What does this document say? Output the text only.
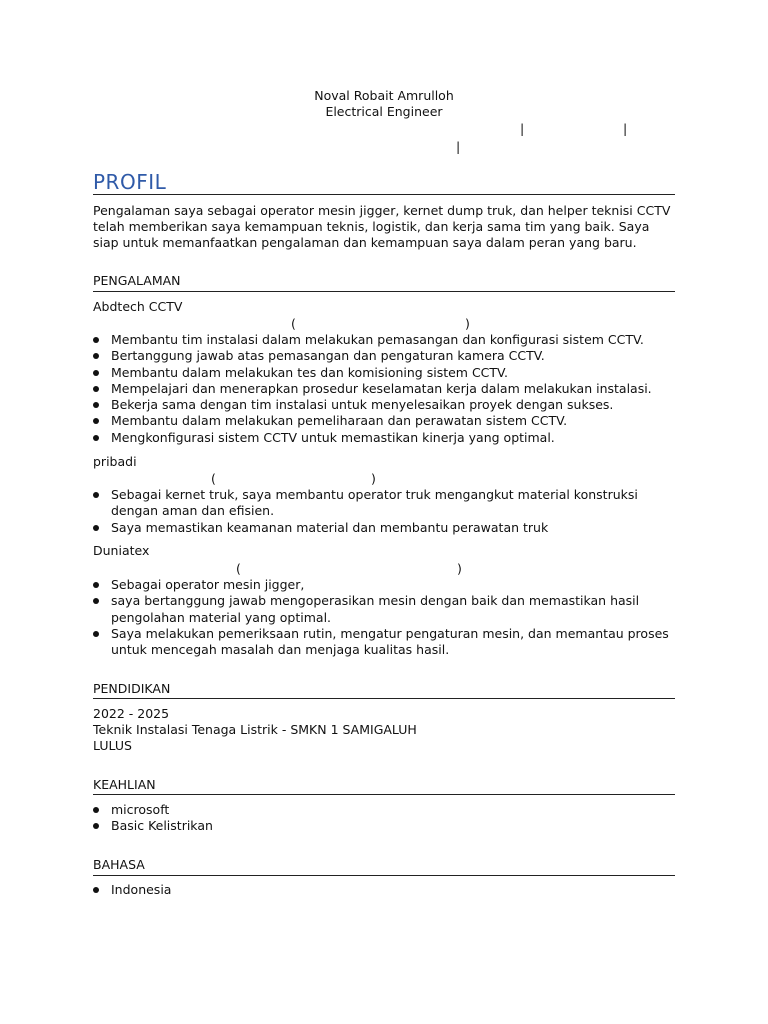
Noval Robait Amrulloh
Electrical Engineer
|	|
|
PROFIL
Pengalaman saya sebagai operator mesin jigger, kernet dump truk, dan helper teknisi CCTV telah memberikan saya kemampuan teknis, logistik, dan kerja sama tim yang baik. Saya siap untuk memanfaatkan pengalaman dan kemampuan saya dalam peran yang baru.
PENGALAMAN
Abdtech CCTV
(	)
Membantu tim instalasi dalam melakukan pemasangan dan konfigurasi sistem CCTV.
Bertanggung jawab atas pemasangan dan pengaturan kamera CCTV.
Membantu dalam melakukan tes dan komisioning sistem CCTV.
Mempelajari dan menerapkan prosedur keselamatan kerja dalam melakukan instalasi.
Bekerja sama dengan tim instalasi untuk menyelesaikan proyek dengan sukses.
Membantu dalam melakukan pemeliharaan dan perawatan sistem CCTV.
Mengkonfigurasi sistem CCTV untuk memastikan kinerja yang optimal.
pribadi
(	)
Sebagai kernet truk, saya membantu operator truk mengangkut material konstruksi dengan aman dan efisien.
Saya memastikan keamanan material dan membantu perawatan truk
Duniatex
(	)
Sebagai operator mesin jigger,
saya bertanggung jawab mengoperasikan mesin dengan baik dan memastikan hasil pengolahan material yang optimal.
Saya melakukan pemeriksaan rutin, mengatur pengaturan mesin, dan memantau proses untuk mencegah masalah dan menjaga kualitas hasil.
PENDIDIKAN
2022 - 2025
Teknik Instalasi Tenaga Listrik - SMKN 1 SAMIGALUH
LULUS
KEAHLIAN
microsoft
Basic Kelistrikan
BAHASA
Indonesia
